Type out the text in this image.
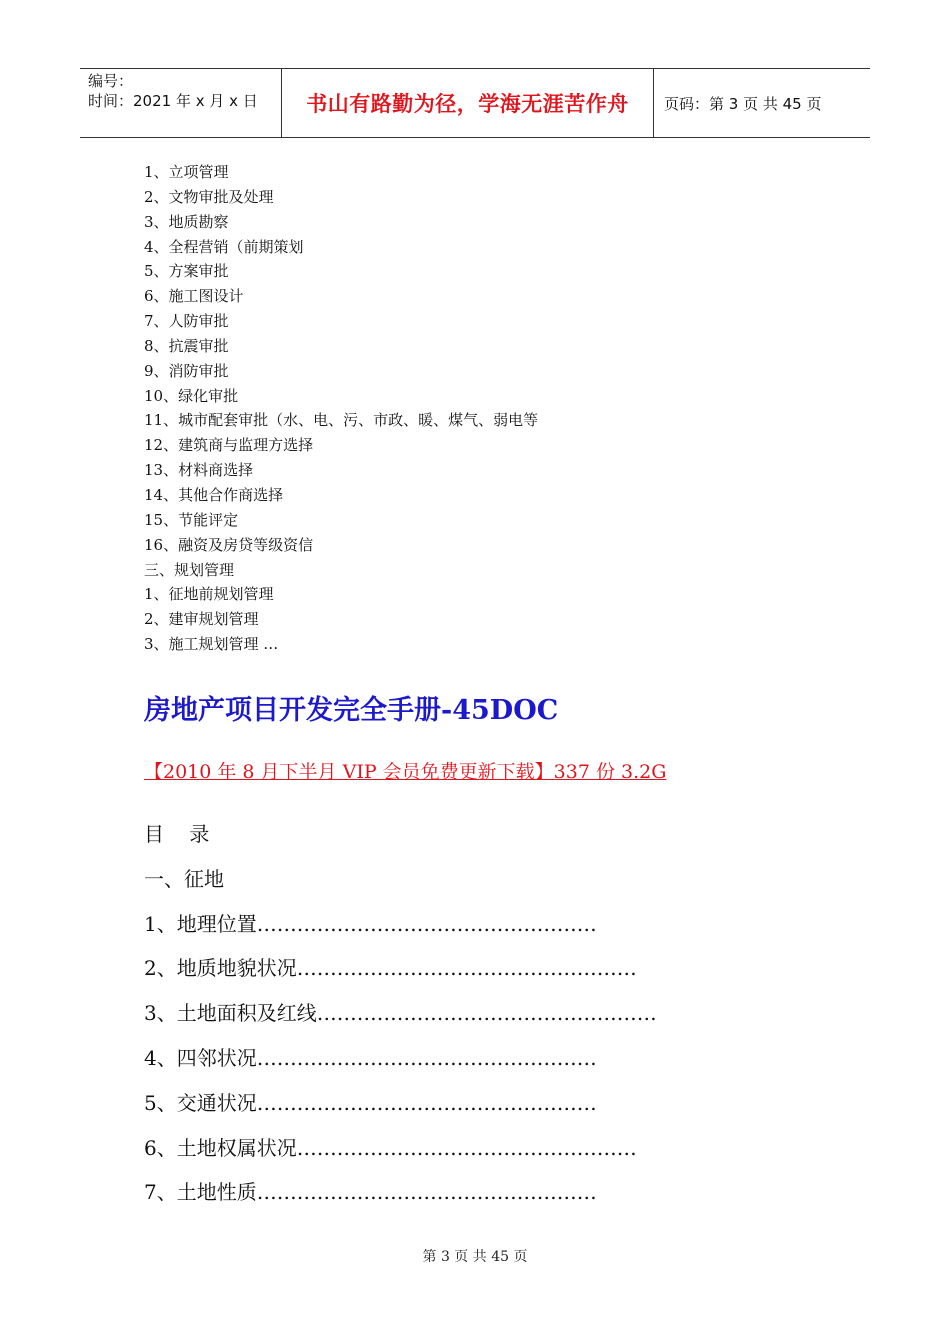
编号：
时间：2021 年 x 月 x 日	书山有路勤为径，学海无涯苦作舟 页码：第 3 页 共 45 页
1、立项管理
2、文物审批及处理
3、地质勘察
4、全程营销（前期策划
5、方案审批
6、施工图设计
7、人防审批
8、抗震审批
9、消防审批
10、绿化审批
11、城市配套审批（水、电、污、市政、暖、煤气、弱电等
12、建筑商与监理方选择
13、材料商选择
14、其他合作商选择
15、节能评定
16、融资及房贷等级资信
三、规划管理
1、征地前规划管理
2、建审规划管理
3、施工规划管理 …
房地产项目开发完全手册-45DOC
【2010 年 8 月下半月 VIP 会员免费更新下载】337 份 3.2G
目    录
一、征地
1、地理位置……………………………………………
2、地质地貌状况……………………………………………
3、土地面积及红线……………………………………………
4、四邻状况……………………………………………
5、交通状况……………………………………………
6、土地权属状况……………………………………………
7、土地性质……………………………………………
第 3 页 共 45 页
